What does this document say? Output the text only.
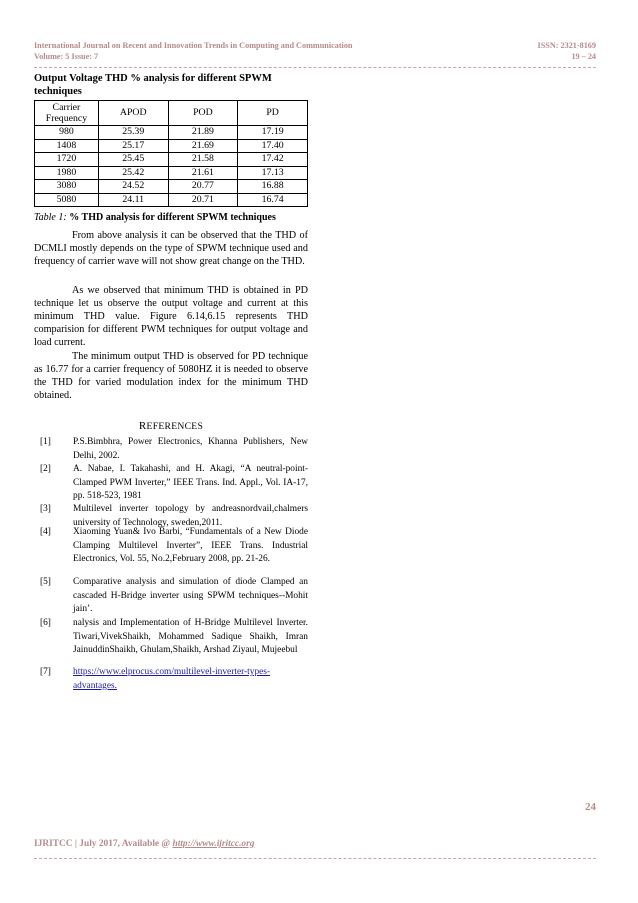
International Journal on Recent and Innovation Trends in Computing and Communication
Volume: 5 Issue: 7
ISSN: 2321-8169
19 – 24
Output Voltage THD % analysis for different SPWM
techniques
Carrier Frequency	APOD	POD	PD
980	25.39	21.89	17.19
1408	25.17	21.69	17.40
1720	25.45	21.58	17.42
1980	25.42	21.61	17.13
3080	24.52	20.77	16.88
5080	24.11	20.71	16.74
Table 1: % THD analysis for different SPWM techniques
From above analysis it can be observed that the THD of DCMLI mostly depends on the type of SPWM technique used and frequency of carrier wave will not show great change on the THD.
As we observed that minimum THD is obtained in PD technique let us observe the output voltage and current at this minimum THD value. Figure 6.14,6.15 represents THD comparision for different PWM techniques for output voltage and load current.
The minimum output THD is observed for PD technique as 16.77 for a carrier frequency of 5080HZ it is needed to observe the THD for varied modulation index for the minimum THD obtained.
REFERENCES
[1] P.S.Bimbhra, Power Electronics, Khanna Publishers, New Delhi, 2002.
[2] A. Nabae, I. Takahashi, and H. Akagi, “A neutral-point-Clamped PWM Inverter,” IEEE Trans. Ind. Appl., Vol. IA-17, pp. 518-523, 1981
[3] Multilevel inverter topology by andreasnordvail,chalmers university of Technology, sweden,2011.
[4] Xiaoming Yuan& Ivo Barbi, “Fundamentals of a New Diode Clamping Multilevel Inverter”, IEEE Trans. Industrial Electronics, Vol. 55, No.2,February 2008, pp. 21-26.
[5] Comparative analysis and simulation of diode Clamped an cascaded H-Bridge inverter using SPWM techniques--Mohit jain’.
[6] nalysis and Implementation of H-Bridge Multilevel Inverter. Tiwari,VivekShaikh, Mohammed Sadique Shaikh, Imran JainuddinShaikh, Ghulam,Shaikh, Arshad Ziyaul, Mujeebul
[7] https://www.elprocus.com/multilevel-inverter-types-advantages.
24
IJRITCC | July 2017, Available @ http://www.ijritcc.org
